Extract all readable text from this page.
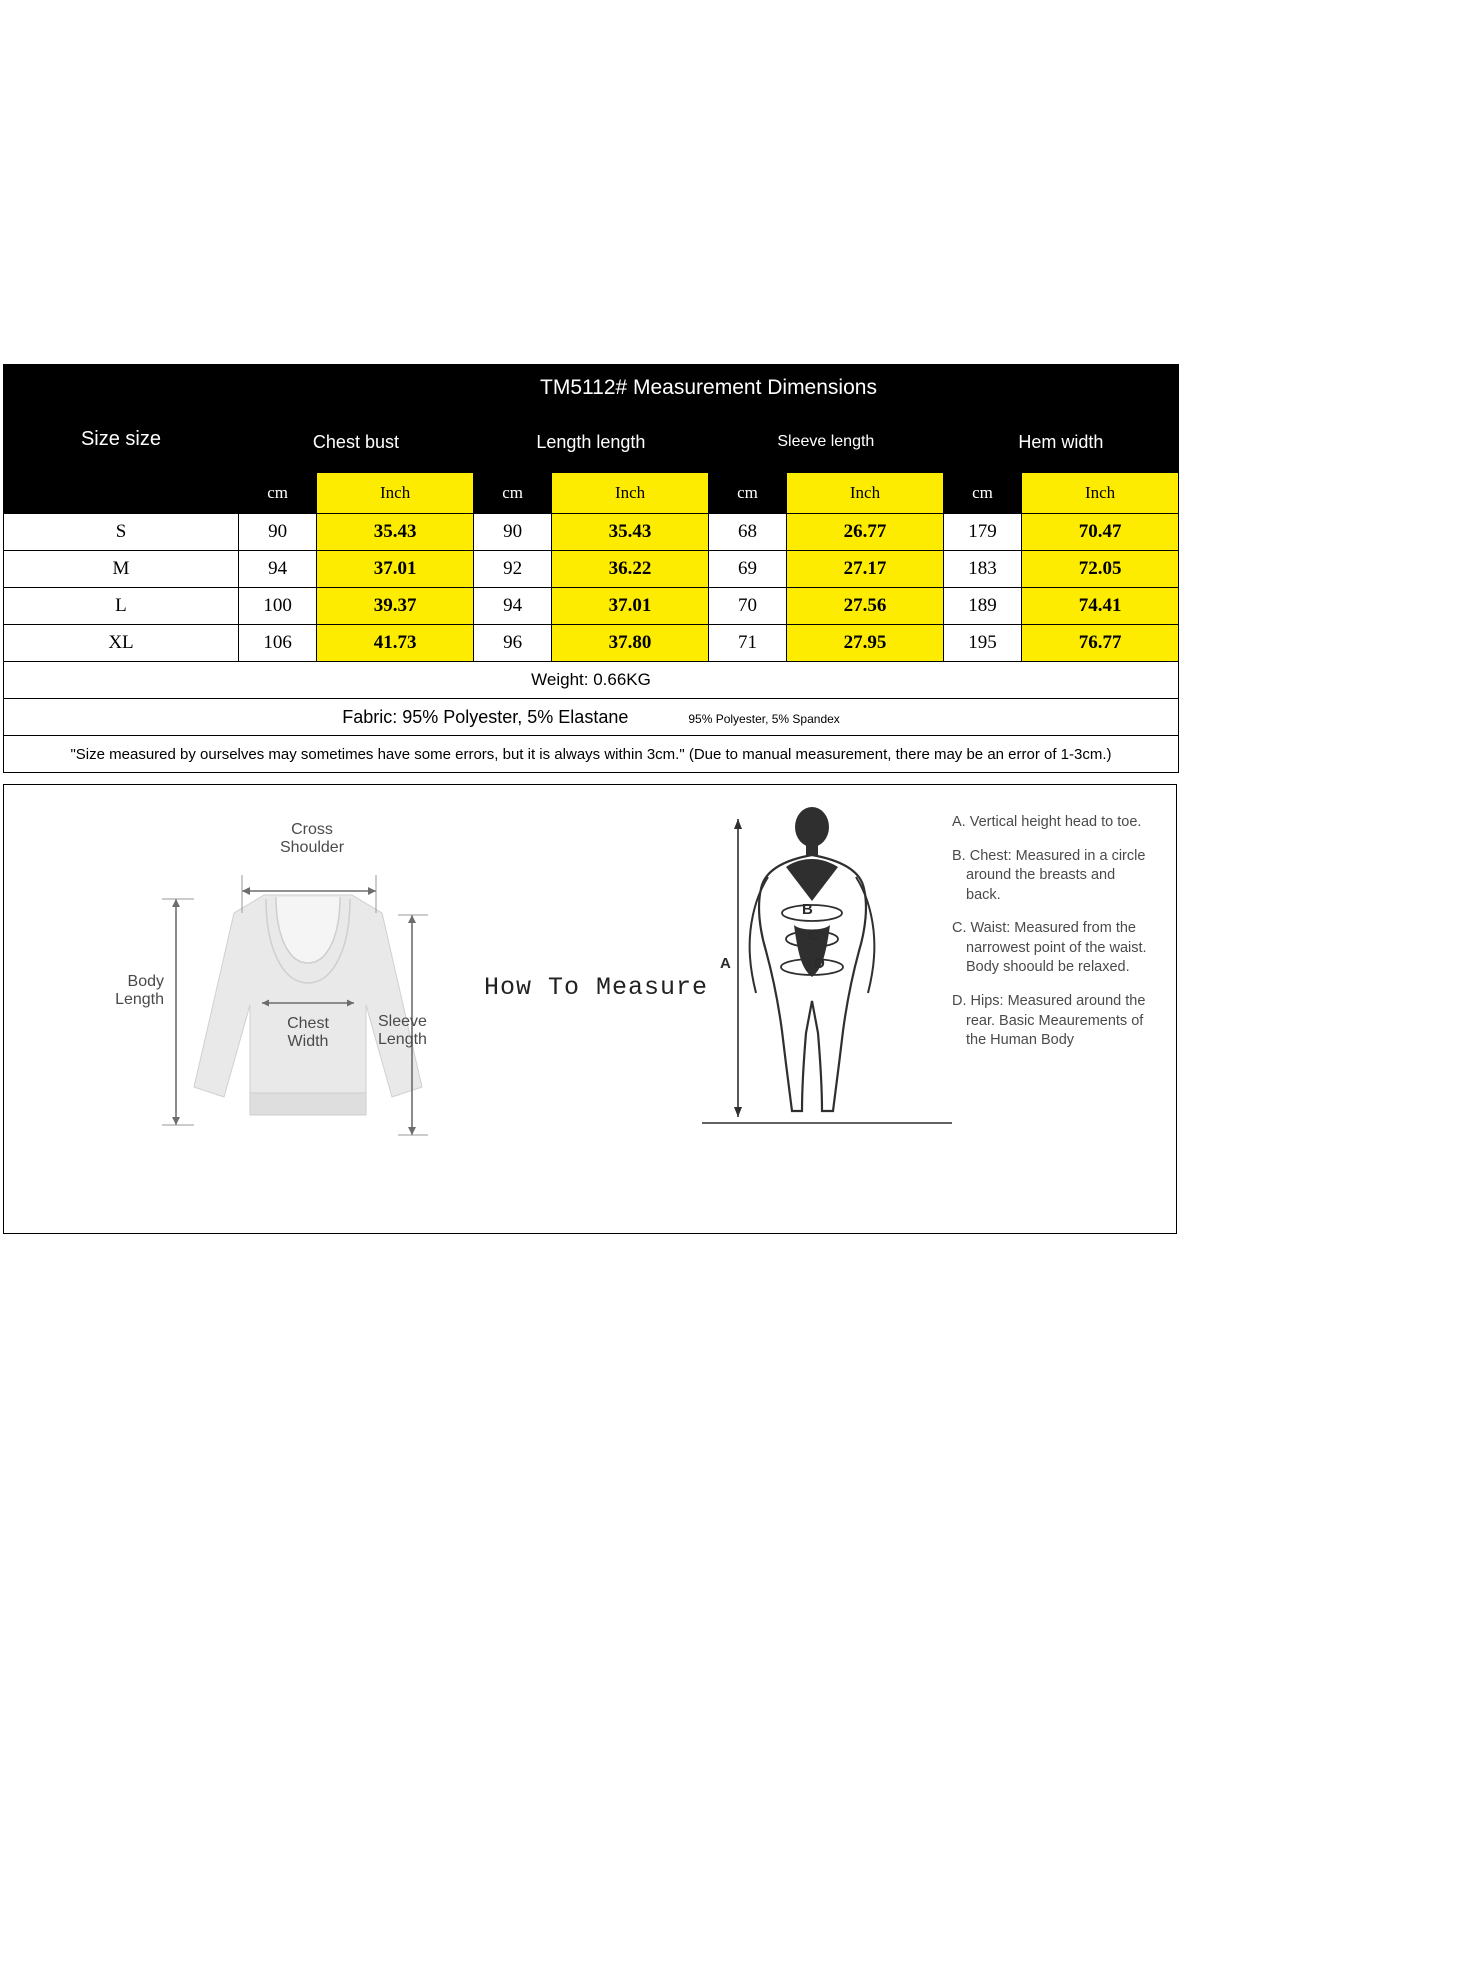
Size size	TM5112# Measurement Dimensions							
	Chest bust		Length length		Sleeve length		Hem width	
	cm	Inch	cm	Inch	cm	Inch	cm	Inch
S	90	35.43	90	35.43	68	26.77	179	70.47
M	94	37.01	92	36.22	69	27.17	183	72.05
L	100	39.37	94	37.01	70	27.56	189	74.41
XL	106	41.73	96	37.80	71	27.95	195	76.77
Weight: 0.66KG								
Fabric: 95% Polyester, 5% Elastane 95% Polyester, 5% Spandex								
"Size measured by ourselves may sometimes have some errors, but it is always within 3cm." (Due to manual measurement, there may be an error of 1-3cm.)								
Cross
Shoulder
Body
Length
Chest
Width
Sleeve
Length
How To Measure
B
C
D
A

A. Vertical height head to toe.

B. Chest: Measured in a circle around the breasts and back.

C. Waist: Measured from the narrowest point of the waist. Body shoould be relaxed.

D. Hips: Measured around the rear. Basic Meaurements of the Human Body
